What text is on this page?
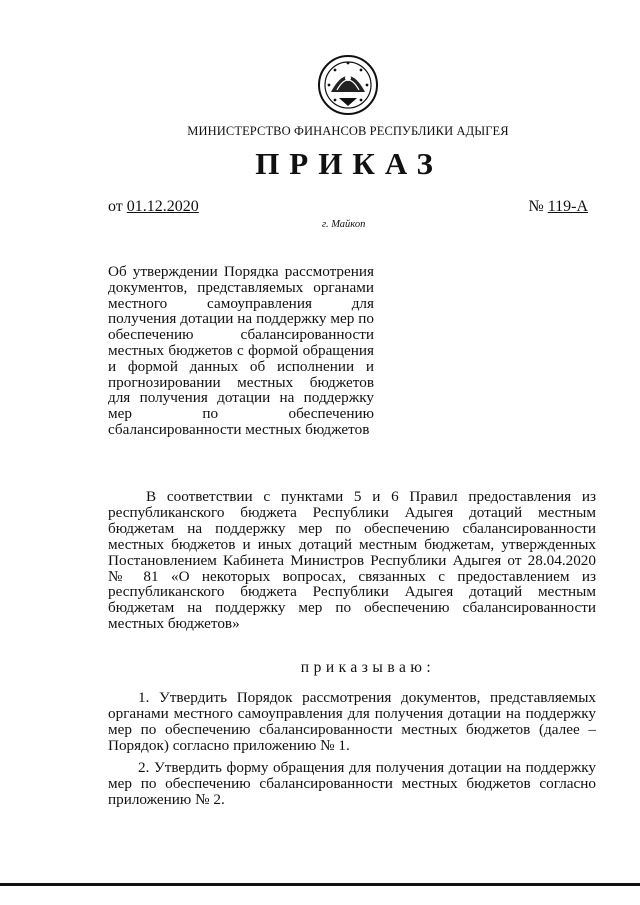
МИНИСТЕРСТВО ФИНАНСОВ РЕСПУБЛИКИ АДЫГЕЯ
ПРИКАЗ
от 01.12.2020	№ 119-А
г. Майкоп
Об утверждении Порядка рассмотрения документов, представляемых органами местного самоуправления для получения дотации на поддержку мер по обеспечению сбалансированности местных бюджетов с формой обращения и формой данных об исполнении и прогнозировании местных бюджетов для получения дотации на поддержку мер по обеспечению сбалансированности местных бюджетов
В соответствии с пунктами 5 и 6 Правил предоставления из республиканского бюджета Республики Адыгея дотаций местным бюджетам на поддержку мер по обеспечению сбалансированности местных бюджетов и иных дотаций местным бюджетам, утвержденных Постановлением Кабинета Министров Республики Адыгея от 28.04.2020 № 81 «О некоторых вопросах, связанных с предоставлением из республиканского бюджета Республики Адыгея дотаций местным бюджетам на поддержку мер по обеспечению сбалансированности местных бюджетов»
приказываю:
1. Утвердить Порядок рассмотрения документов, представляемых органами местного самоуправления для получения дотации на поддержку мер по обеспечению сбалансированности местных бюджетов (далее – Порядок) согласно приложению № 1.
2. Утвердить форму обращения для получения дотации на поддержку мер по обеспечению сбалансированности местных бюджетов согласно приложению № 2.
